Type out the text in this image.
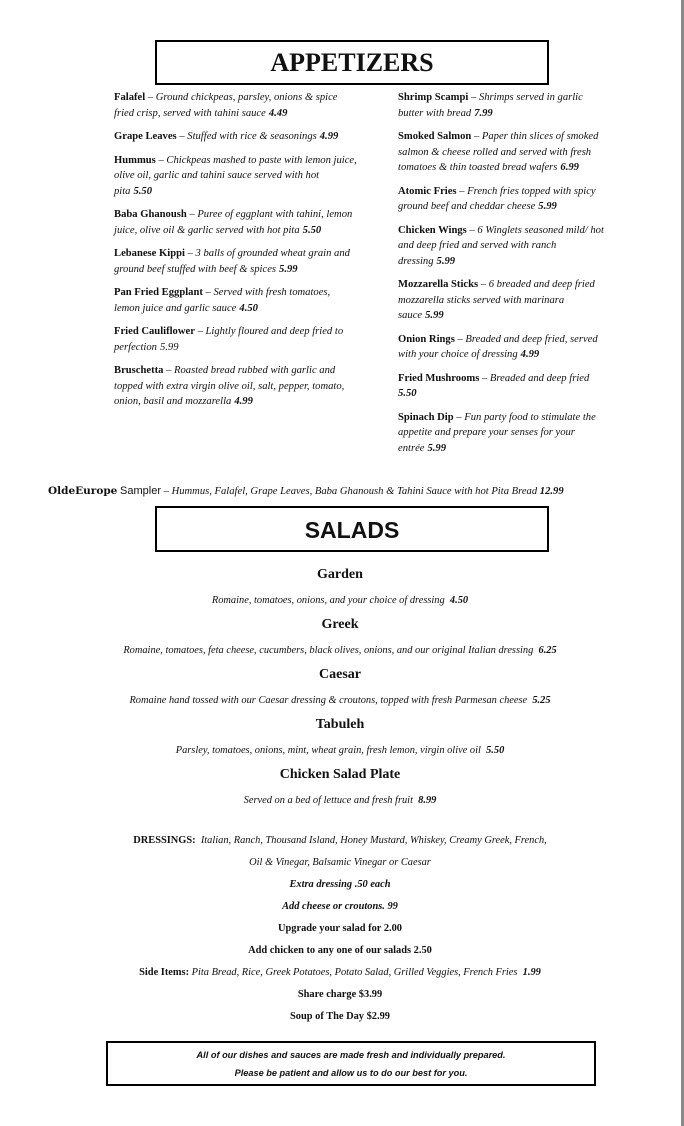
APPETIZERS
Falafel – Ground chickpeas, parsley, onions & spice fried crisp, served with tahini sauce 4.49
Grape Leaves – Stuffed with rice & seasonings 4.99
Hummus – Chickpeas mashed to paste with lemon juice, olive oil, garlic and tahini sauce served with hot pita 5.50
Baba Ghanoush – Puree of eggplant with tahini, lemon juice, olive oil & garlic served with hot pita 5.50
Lebanese Kippi – 3 balls of grounded wheat grain and ground beef stuffed with beef & spices 5.99
Pan Fried Eggplant – Served with fresh tomatoes, lemon juice and garlic sauce 4.50
Fried Cauliflower – Lightly floured and deep fried to perfection 5.99
Bruschetta – Roasted bread rubbed with garlic and topped with extra virgin olive oil, salt, pepper, tomato, onion, basil and mozzarella 4.99
Shrimp Scampi – Shrimps served in garlic butter with bread 7.99
Smoked Salmon – Paper thin slices of smoked salmon & cheese rolled and served with fresh tomatoes & thin toasted bread wafers 6.99
Atomic Fries – French fries topped with spicy ground beef and cheddar cheese 5.99
Chicken Wings – 6 Winglets seasoned mild/ hot and deep fried and served with ranch dressing 5.99
Mozzarella Sticks – 6 breaded and deep fried mozzarella sticks served with marinara sauce 5.99
Onion Rings – Breaded and deep fried, served with your choice of dressing 4.99
Fried Mushrooms – Breaded and deep fried
5.50
Spinach Dip – Fun party food to stimulate the appetite and prepare your senses for your entrée 5.99
OldeEurope Sampler – Hummus, Falafel, Grape Leaves, Baba Ghanoush & Tahini Sauce with hot Pita Bread 12.99
SALADS
Garden
Romaine, tomatoes, onions, and your choice of dressing 4.50
Greek
Romaine, tomatoes, feta cheese, cucumbers, black olives, onions, and our original Italian dressing 6.25
Caesar
Romaine hand tossed with our Caesar dressing & croutons, topped with fresh Parmesan cheese 5.25
Tabuleh
Parsley, tomatoes, onions, mint, wheat grain, fresh lemon, virgin olive oil 5.50
Chicken Salad Plate
Served on a bed of lettuce and fresh fruit 8.99
DRESSINGS: Italian, Ranch, Thousand Island, Honey Mustard, Whiskey, Creamy Greek, French,
Oil & Vinegar, Balsamic Vinegar or Caesar
Extra dressing .50 each
Add cheese or croutons. 99
Upgrade your salad for 2.00
Add chicken to any one of our salads 2.50
Side Items: Pita Bread, Rice, Greek Potatoes, Potato Salad, Grilled Veggies, French Fries 1.99
Share charge $3.99
Soup of The Day $2.99
All of our dishes and sauces are made fresh and individually prepared.
Please be patient and allow us to do our best for you.
